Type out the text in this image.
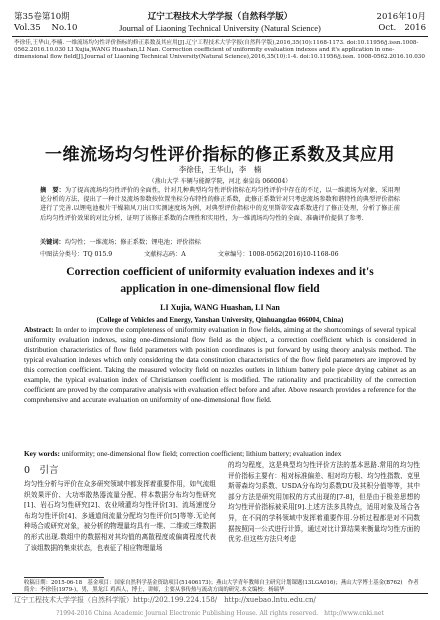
第35卷第10期
Vol.35 No.10
辽宁工程技术大学学报（自然科学版）
Journal of Liaoning Technical University (Natural Science)
2016年10月
Oct. 2016
李徐佳,王华山,李楠. 一维流场均匀性评价指标的修正系数及其应用[J].辽宁工程技术大学学报(自然科学版),2016,35(10):1168-1173. doi:10.11956/j.issn.1008-0562.2016.10.030 LI Xujia,WANG Huashan,LI Nan. Correction coefficient of uniformity evaluation indexes and it's application in one-dimensional flow field[J].Journal of Liaoning Technical University(Natural Science),2016,35(10):1-4. doi:10.11956/j.issn. 1008-0562.2016.10.030
一维流场均匀性评价指标的修正系数及其应用
李徐佳，王华山，李　楠
（燕山大学 车辆与能源学院，河北 秦皇岛 066004）
摘　要：为了提高流场均匀性评价的全面性，针对几种典型均匀性评价指标在均匀性评价中存在的不足，以一维流场为对象，采用理论分析的方法，提出了一种计及流场参数按位置坐标分布特性的修正系数，此修正系数针对只考虑流场参数和谐特性的典型评价指标进行了完善.以锂电池极片干燥箱风刀出口实测速度场为例，对典型评价指标中的克里斯蒂安森系数进行了修正处理，分析了修正前后均匀性评价效果的对比分析，证明了该修正系数的合理性和实用性，为一维流场均匀性的全面、准确评价提供了参考.
关键词：均匀性；一维流场；修正系数；锂电池；评价指标
中图法分类号：TQ 015.9	文献标志码：A	文章编号：1008-0562(2016)10-1168-06
Correction coefficient of uniformity evaluation indexes and it's application in one-dimensional flow field
LI Xujia, WANG Huashan, LI Nan
(College of Vehicles and Energy, Yanshan University, Qinhuangdao 066004, China)
Abstract: In order to improve the completeness of uniformity evaluation in flow fields, aiming at the shortcomings of several typical uniformity evaluation indexes, using one-dimensional flow field as the object, a correction coefficient which is considered in distribution characteristics of flow field parameters with position coordinates is put forward by using theory analysis method. The typical evaluation indexes which only considering the data constitution characteristics of the flow field parameters are improved by this correction coefficient. Taking the measured velocity field on nozzles outlets in lithium battery pole piece drying cabinet as an example, the typical evaluation index of Christiansen coefficient is modified. The rationality and practicability of the correction coefficient are proved by the comparative analysis with evaluation effect before and after. Above research provides a reference for the comprehensive and accurate evaluation on uniformity of one-dimensional flow field.
Key words: uniformity; one-dimensional flow field; correction coefficient; lithium battery; evaluation index
0　引言
均匀性分析与评价在众多研究领域中都发挥着重要作用，如气流组织效果评价、大功率散热器流量分配、样本数据分布均匀性研究[1]、岩石均匀性研究[2]、农业喷灌均匀性评价[3]、流场速度分布均匀性评价[4]、多通道间流量分配均匀性评价[5]等等.无论何种场合或研究对象，被分析的物理量均具有一维、二维或三维数据的形式出现.数组中的数据相对其均值的离散程度或偏离程度代表了该组数据的集束状态，也表征了相应物理量场
的均匀程度，这是典型均匀性评价方法的基本思路.常用的均匀性评价指标主要有：相对标准偏差、相对均方根、均匀性指数、克里斯蒂森均匀系数、USDA分布均匀系数DU及其积分值等等，其中部分方法是研究用加权的方式出现的[7-8]，但是由于极差思想的均匀性评价指标被采用[9].上述方法多具特点，适用对象及场合各异，在不同的学科领域中发挥着重要作用.分析过程都是对不同数据按照同一公式进行计算，通过对比计算结果来衡量均匀性方面的优劣.但这些方法只考虑
收稿日期：2015-06-18　基金项目：国家自然科学基金资助项目(51406173)；燕山大学青年教师自主研究计划课题(13LGA016)；燕山大学博士基金(B762)　作者简介：李徐佳(1979-)，男，黑龙江 鸡西人，博士，讲师，主要从事传热与流动方面的研究.本文编校：杨瑞华
辽宁工程技术大学学报（自然科学版）http://202.199.224.158/　http://xuebao.lntu.edu.cn/
?1994-2016 China Academic Journal Electronic Publishing House. All rights reserved.　http://www.cnki.net
